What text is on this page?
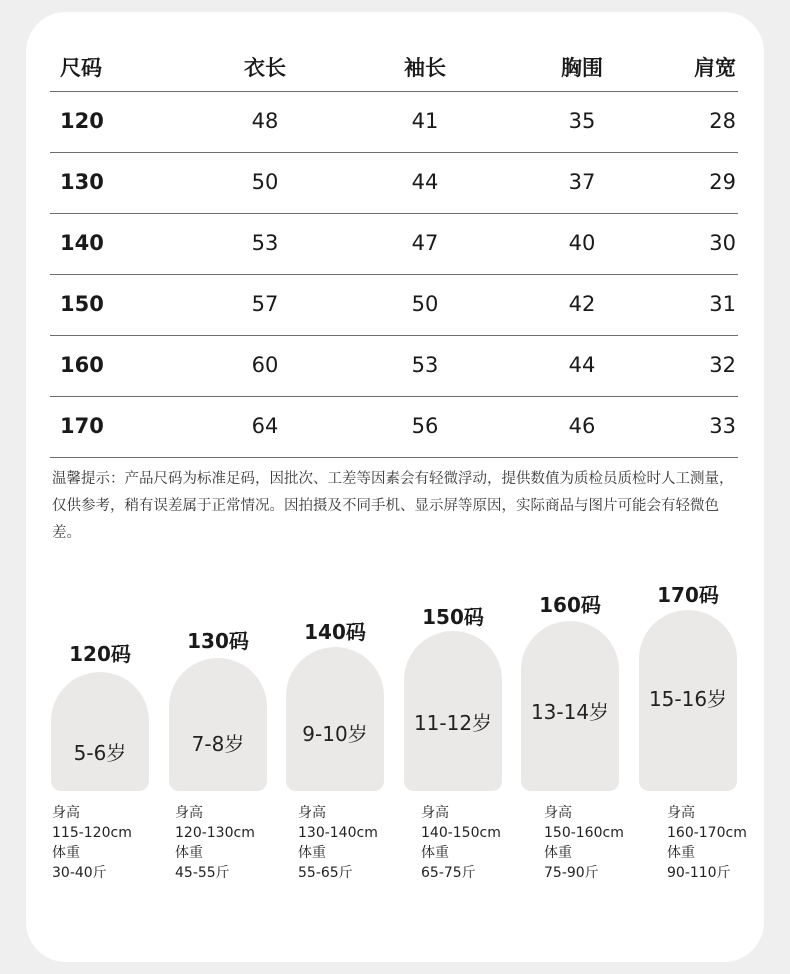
尺码	衣长	袖长	胸围	肩宽
120	48	41	35	28
130	50	44	37	29
140	53	47	40	30
150	57	50	42	31
160	60	53	44	32
170	64	56	46	33
温馨提示：产品尺码为标准足码，因批次、工差等因素会有轻微浮动，提供数值为质检员质检时人工测量，仅供参考，稍有误差属于正常情况。因拍摄及不同手机、显示屏等原因，实际商品与图片可能会有轻微色差。
120码
5-6岁
130码
7-8岁
140码
9-10岁
150码
11-12岁
160码
13-14岁
170码
15-16岁
身高
115-120cm
体重
30-40斤
身高
120-130cm
体重
45-55斤
身高
130-140cm
体重
55-65斤
身高
140-150cm
体重
65-75斤
身高
150-160cm
体重
75-90斤
身高
160-170cm
体重
90-110斤
